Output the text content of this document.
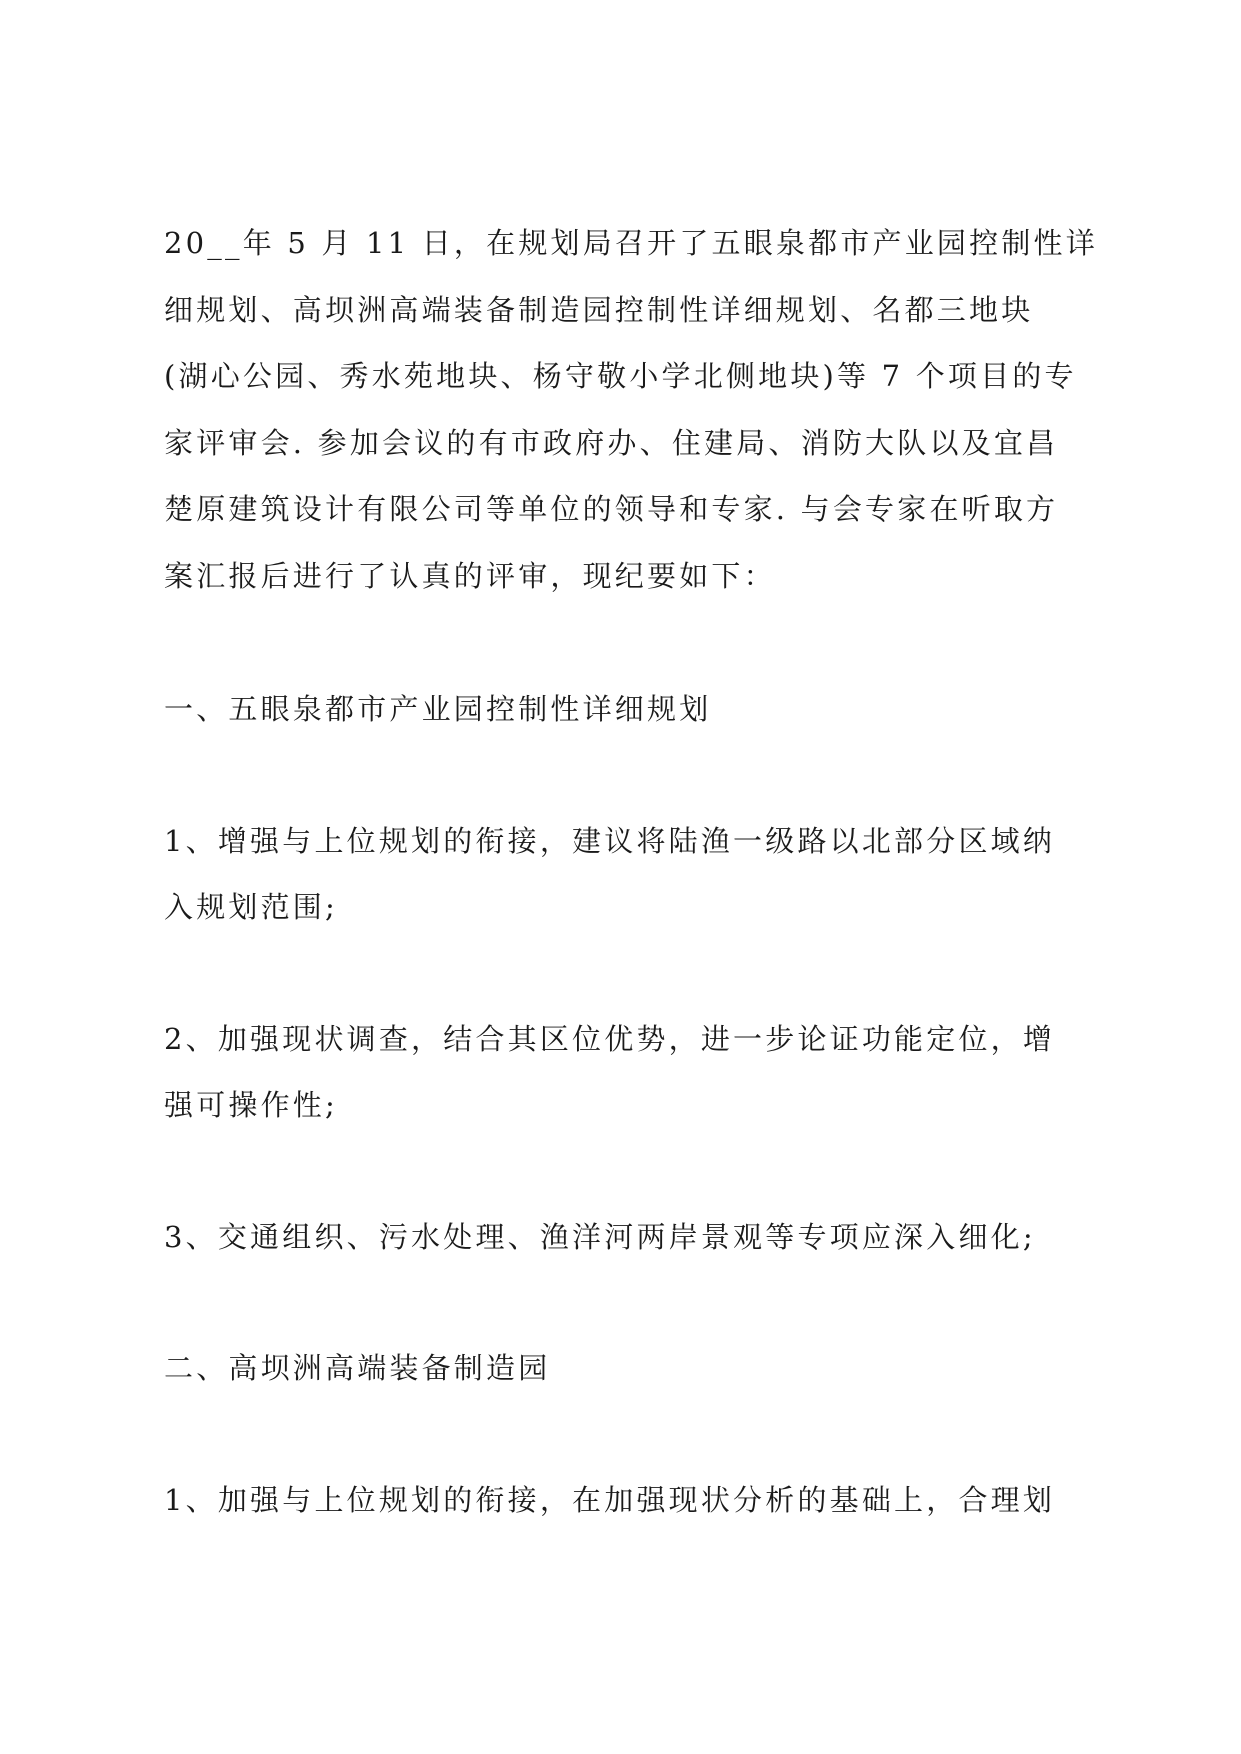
20__年 5 月 11 日，在规划局召开了五眼泉都市产业园控制性详
细规划、高坝洲高端装备制造园控制性详细规划、名都三地块
(湖心公园、秀水苑地块、杨守敬小学北侧地块)等 7 个项目的专
家评审会. 参加会议的有市政府办、住建局、消防大队以及宜昌
楚原建筑设计有限公司等单位的领导和专家. 与会专家在听取方
案汇报后进行了认真的评审，现纪要如下：
一、五眼泉都市产业园控制性详细规划
1、增强与上位规划的衔接，建议将陆渔一级路以北部分区域纳
入规划范围;
2、加强现状调查，结合其区位优势，进一步论证功能定位，增
强可操作性;
3、交通组织、污水处理、渔洋河两岸景观等专项应深入细化;
二、高坝洲高端装备制造园
1、加强与上位规划的衔接，在加强现状分析的基础上，合理划
